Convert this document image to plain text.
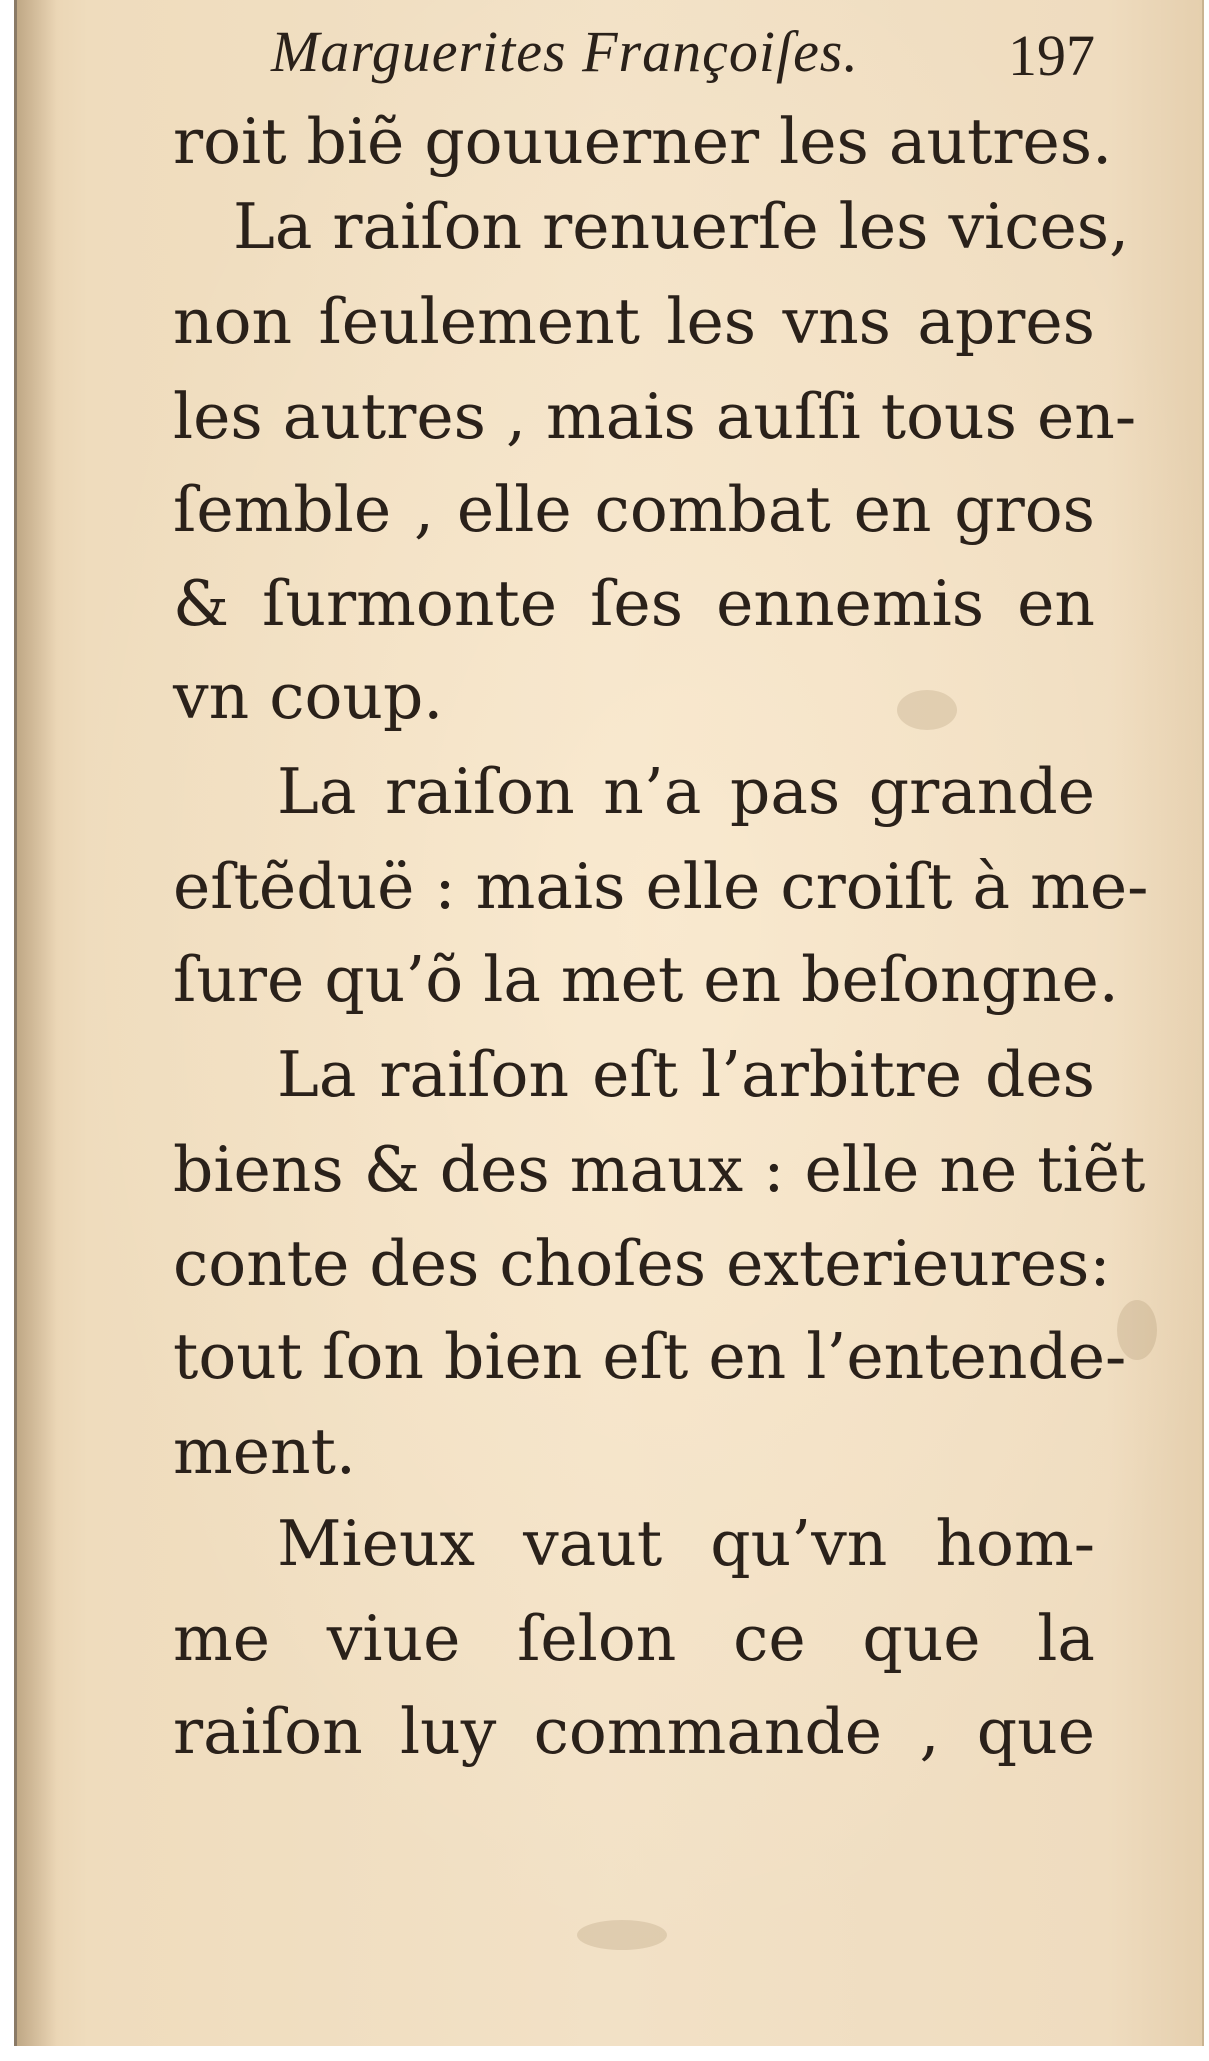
Marguerites Françoiſes.	197

roit biẽ gouuerner les autres.

La raiſon renuerſe les vices,

non ſeulement les vns apres

les autres , mais auſſi tous en-

ſemble , elle combat en gros

& ſurmonte ſes ennemis en

vn coup.

La raiſon n’a pas grande

eſtẽduë : mais elle croiſt à me-

ſure qu’õ la met en beſongne.

La raiſon eſt l’arbitre des

biens & des maux : elle ne tiẽt

conte des choſes exterieures:

tout ſon bien eſt en l’entende-

ment.

Mieux vaut qu’vn hom-

me viue ſelon ce que la

raiſon luy commande , que
